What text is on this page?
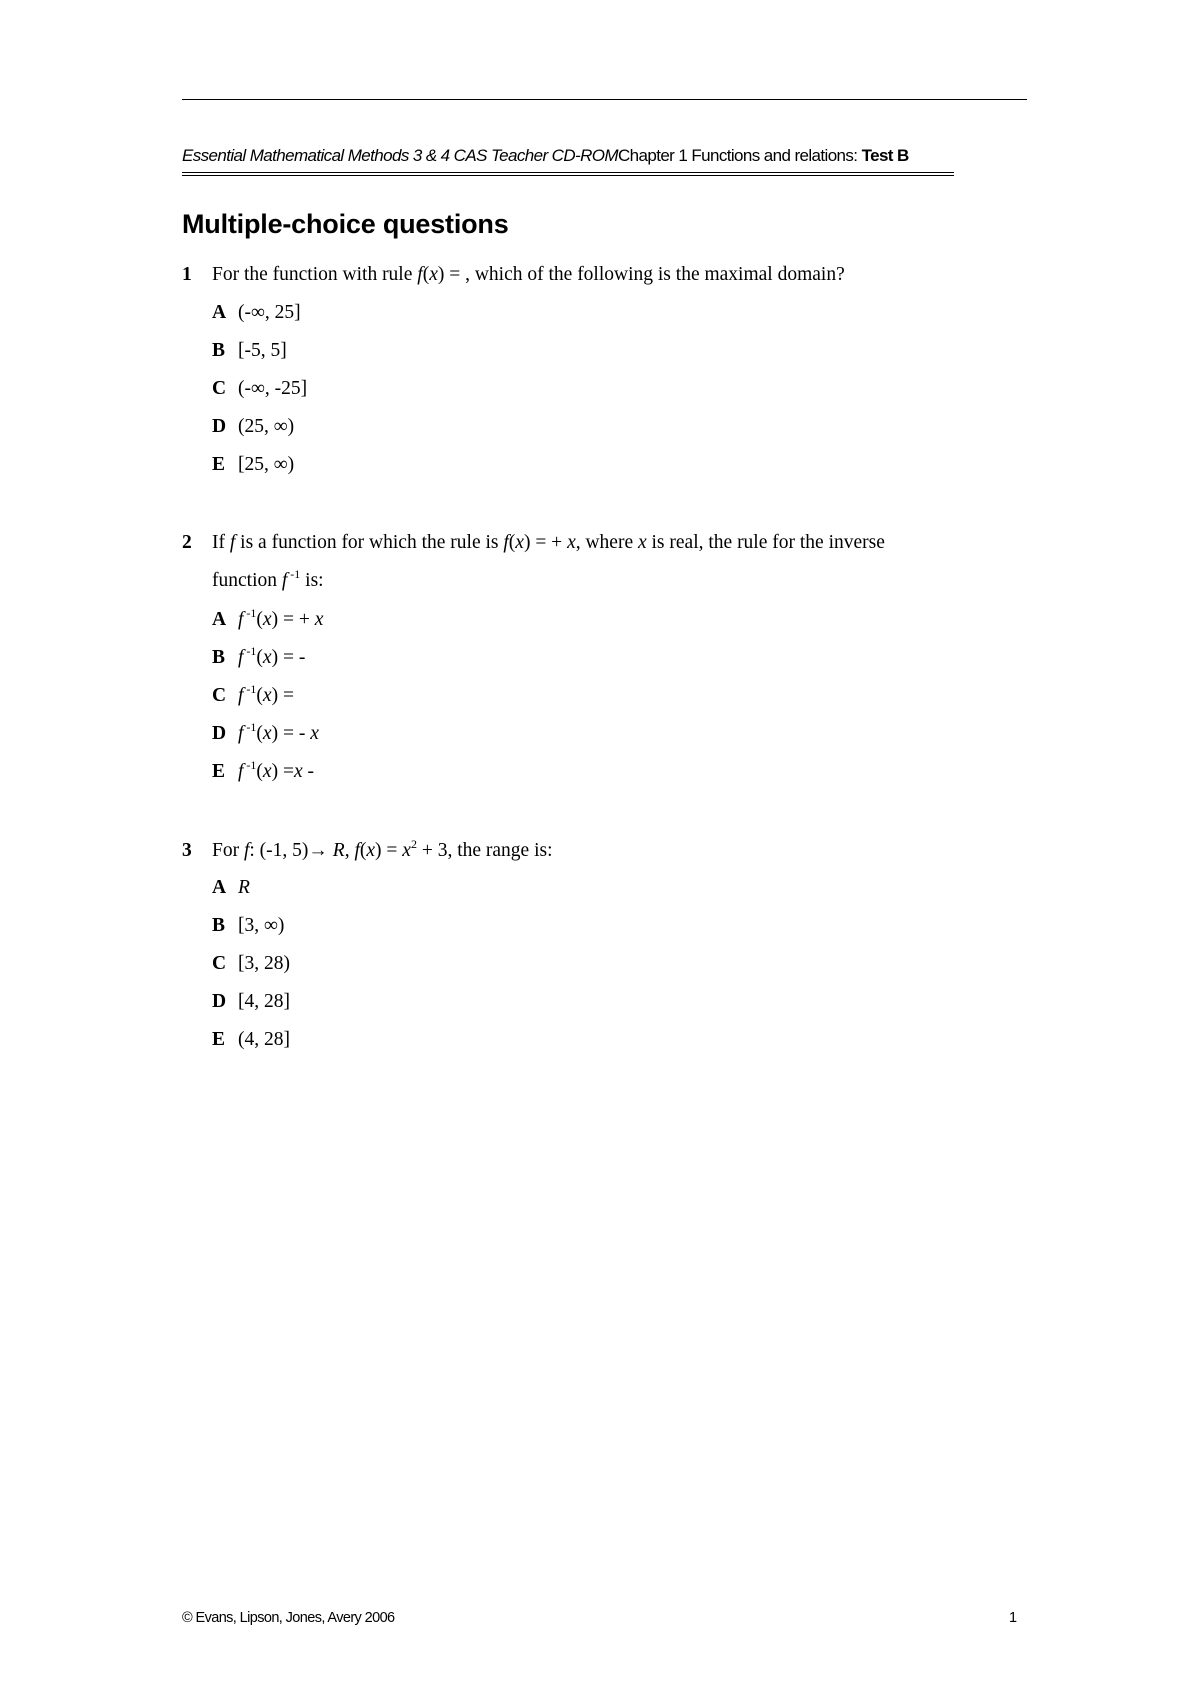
Essential Mathematical Methods 3 & 4 CAS Teacher CD-ROMChapter 1 Functions and relations: Test B
Multiple-choice questions
1 For the function with rule f(x) = , which of the following is the maximal domain?
A (-∞, 25]
B [-5, 5]
C (-∞, -25]
D (25, ∞)
E [25, ∞)
2 If f is a function for which the rule is f(x) = + x, where x is real, the rule for the inverse
function f $^{-1}$ is:
A f $^{-1}$(x) = + x
B f $^{-1}$(x) = -
C f $^{-1}$(x) =
D f $^{-1}$(x) = - x
E f $^{-1}$(x) =x -
3 For f: (-1, 5)→ R, $f(x) = x^2 + 3$, the range is:
A R
B [3, ∞)
C [3, 28)
D [4, 28]
E (4, 28]
© Evans, Lipson, Jones, Avery 2006	1
